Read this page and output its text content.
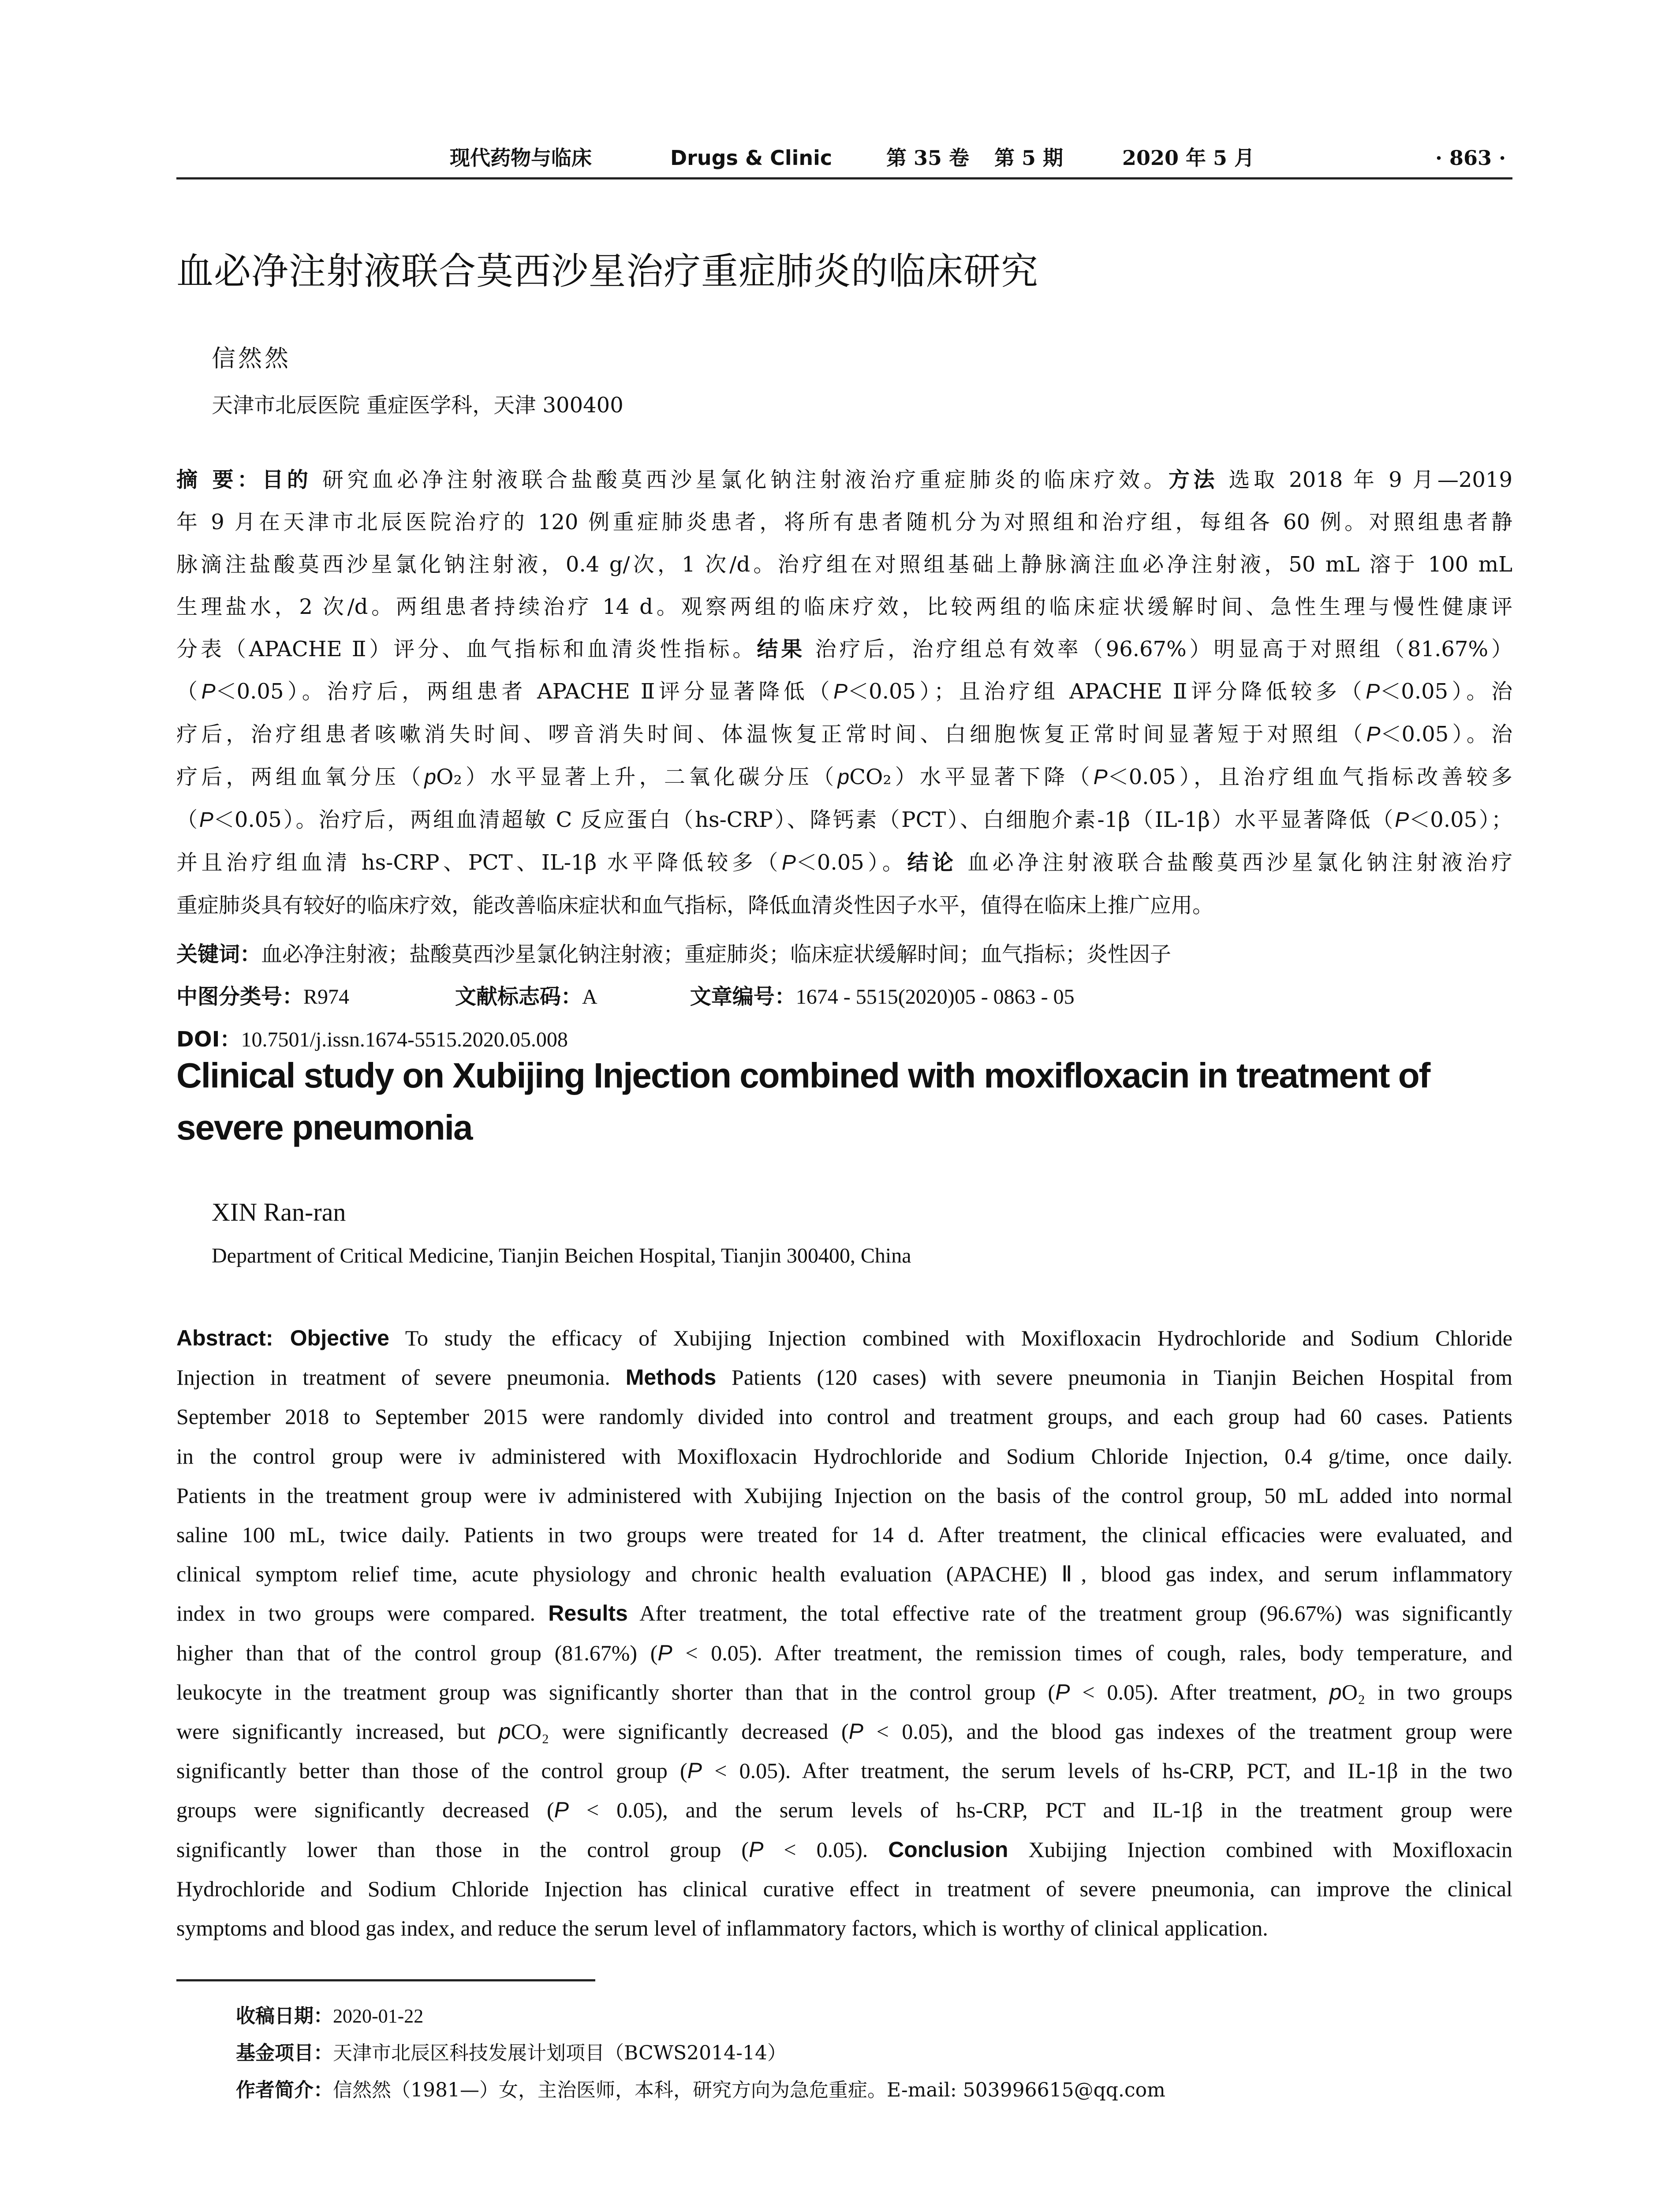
现代药物与临床	Drugs & Clinic	第 35 卷 第 5 期	2020 年 5 月	· 863 ·
血必净注射液联合莫西沙星治疗重症肺炎的临床研究
信然然
天津市北辰医院 重症医学科，天津 300400

摘 要：目的 研究血必净注射液联合盐酸莫西沙星氯化钠注射液治疗重症肺炎的临床疗效。方法 选取 2018 年 9 月—2019

年 9 月在天津市北辰医院治疗的 120 例重症肺炎患者，将所有患者随机分为对照组和治疗组，每组各 60 例。对照组患者静

脉滴注盐酸莫西沙星氯化钠注射液，0.4 g/次，1 次/d。治疗组在对照组基础上静脉滴注血必净注射液，50 mL 溶于 100 mL

生理盐水，2 次/d。两组患者持续治疗 14 d。观察两组的临床疗效，比较两组的临床症状缓解时间、急性生理与慢性健康评

分表（APACHE Ⅱ）评分、血气指标和血清炎性指标。结果 治疗后，治疗组总有效率（96.67%）明显高于对照组（81.67%）

（P＜0.05）。治疗后，两组患者 APACHE Ⅱ评分显著降低（P＜0.05）；且治疗组 APACHE Ⅱ评分降低较多（P＜0.05）。治

疗后，治疗组患者咳嗽消失时间、啰音消失时间、体温恢复正常时间、白细胞恢复正常时间显著短于对照组（P＜0.05）。治

疗后，两组血氧分压（pO₂）水平显著上升，二氧化碳分压（pCO₂）水平显著下降（P＜0.05），且治疗组血气指标改善较多

（P＜0.05）。治疗后，两组血清超敏 C 反应蛋白（hs-CRP）、降钙素（PCT）、白细胞介素-1β（IL-1β）水平显著降低（P＜0.05）；

并且治疗组血清 hs-CRP、PCT、IL-1β 水平降低较多（P＜0.05）。结论 血必净注射液联合盐酸莫西沙星氯化钠注射液治疗

重症肺炎具有较好的临床疗效，能改善临床症状和血气指标，降低血清炎性因子水平，值得在临床上推广应用。

关键词：血必净注射液；盐酸莫西沙星氯化钠注射液；重症肺炎；临床症状缓解时间；血气指标；炎性因子
中图分类号：R974	文献标志码：A	文章编号：1674 - 5515(2020)05 - 0863 - 05
DOI：10.7501/j.issn.1674-5515.2020.05.008
Clinical study on Xubijing Injection combined with moxifloxacin in treatment of severe pneumonia
XIN Ran-ran
Department of Critical Medicine, Tianjin Beichen Hospital, Tianjin 300400, China

Abstract: Objective To study the efficacy of Xubijing Injection combined with Moxifloxacin Hydrochloride and Sodium Chloride

Injection in treatment of severe pneumonia. Methods Patients (120 cases) with severe pneumonia in Tianjin Beichen Hospital from

September 2018 to September 2015 were randomly divided into control and treatment groups, and each group had 60 cases. Patients

in the control group were iv administered with Moxifloxacin Hydrochloride and Sodium Chloride Injection, 0.4 g/time, once daily.

Patients in the treatment group were iv administered with Xubijing Injection on the basis of the control group, 50 mL added into normal

saline 100 mL, twice daily. Patients in two groups were treated for 14 d. After treatment, the clinical efficacies were evaluated, and

clinical symptom relief time, acute physiology and chronic health evaluation (APACHE) Ⅱ, blood gas index, and serum inflammatory

index in two groups were compared. Results After treatment, the total effective rate of the treatment group (96.67%) was significantly

higher than that of the control group (81.67%) (P < 0.05). After treatment, the remission times of cough, rales, body temperature, and

leukocyte in the treatment group was significantly shorter than that in the control group (P < 0.05). After treatment, pO₂ in two groups

were significantly increased, but pCO₂ were significantly decreased (P < 0.05), and the blood gas indexes of the treatment group were

significantly better than those of the control group (P < 0.05). After treatment, the serum levels of hs-CRP, PCT, and IL-1β in the two

groups were significantly decreased (P < 0.05), and the serum levels of hs-CRP, PCT and IL-1β in the treatment group were

significantly lower than those in the control group (P < 0.05). Conclusion Xubijing Injection combined with Moxifloxacin

Hydrochloride and Sodium Chloride Injection has clinical curative effect in treatment of severe pneumonia, can improve the clinical

symptoms and blood gas index, and reduce the serum level of inflammatory factors, which is worthy of clinical application.

收稿日期：2020-01-22
基金项目：天津市北辰区科技发展计划项目（BCWS2014-14）
作者简介：信然然（1981—）女，主治医师，本科，研究方向为急危重症。E-mail: 503996615@qq.com
